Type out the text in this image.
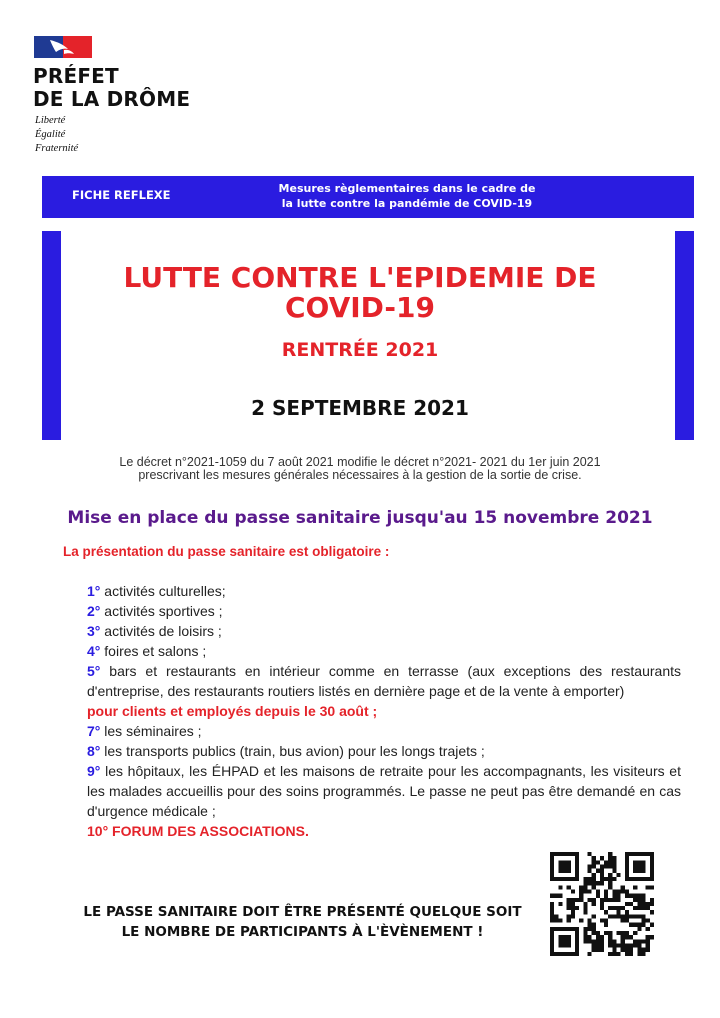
PRÉFET
DE LA DRÔME
Liberté
Égalité
Fraternité
FICHE REFLEXE	Mesures règlementaires dans le cadre de
la lutte contre la pandémie de COVID-19
LUTTE CONTRE L'EPIDEMIE DE
COVID-19
RENTRÉE 2021
2 SEPTEMBRE 2021
Le décret n°2021-1059 du 7 août 2021 modifie le décret n°2021- 2021 du 1er juin 2021
prescrivant les mesures générales nécessaires à la gestion de la sortie de crise.
Mise en place du passe sanitaire jusqu'au 15 novembre 2021
La présentation du passe sanitaire est obligatoire :

1° activités culturelles;

2° activités sportives ;

3° activités de loisirs ;

4° foires et salons ;

5° bars et restaurants en intérieur comme en terrasse (aux exceptions des restaurants d'entreprise, des restaurants routiers listés en dernière page et de la vente à emporter)

pour clients et employés depuis le 30 août ;

7° les séminaires ;

8° les transports publics (train, bus avion) pour les longs trajets ;

9° les hôpitaux, les ÉHPAD et les maisons de retraite pour les accompagnants, les visiteurs et les malades accueillis pour des soins programmés. Le passe ne peut pas être demandé en cas d'urgence médicale ;

10° FORUM DES ASSOCIATIONS.

LE PASSE SANITAIRE DOIT ÊTRE PRÉSENTÉ QUELQUE SOIT
LE NOMBRE DE PARTICIPANTS À L'ÈVÈNEMENT !
